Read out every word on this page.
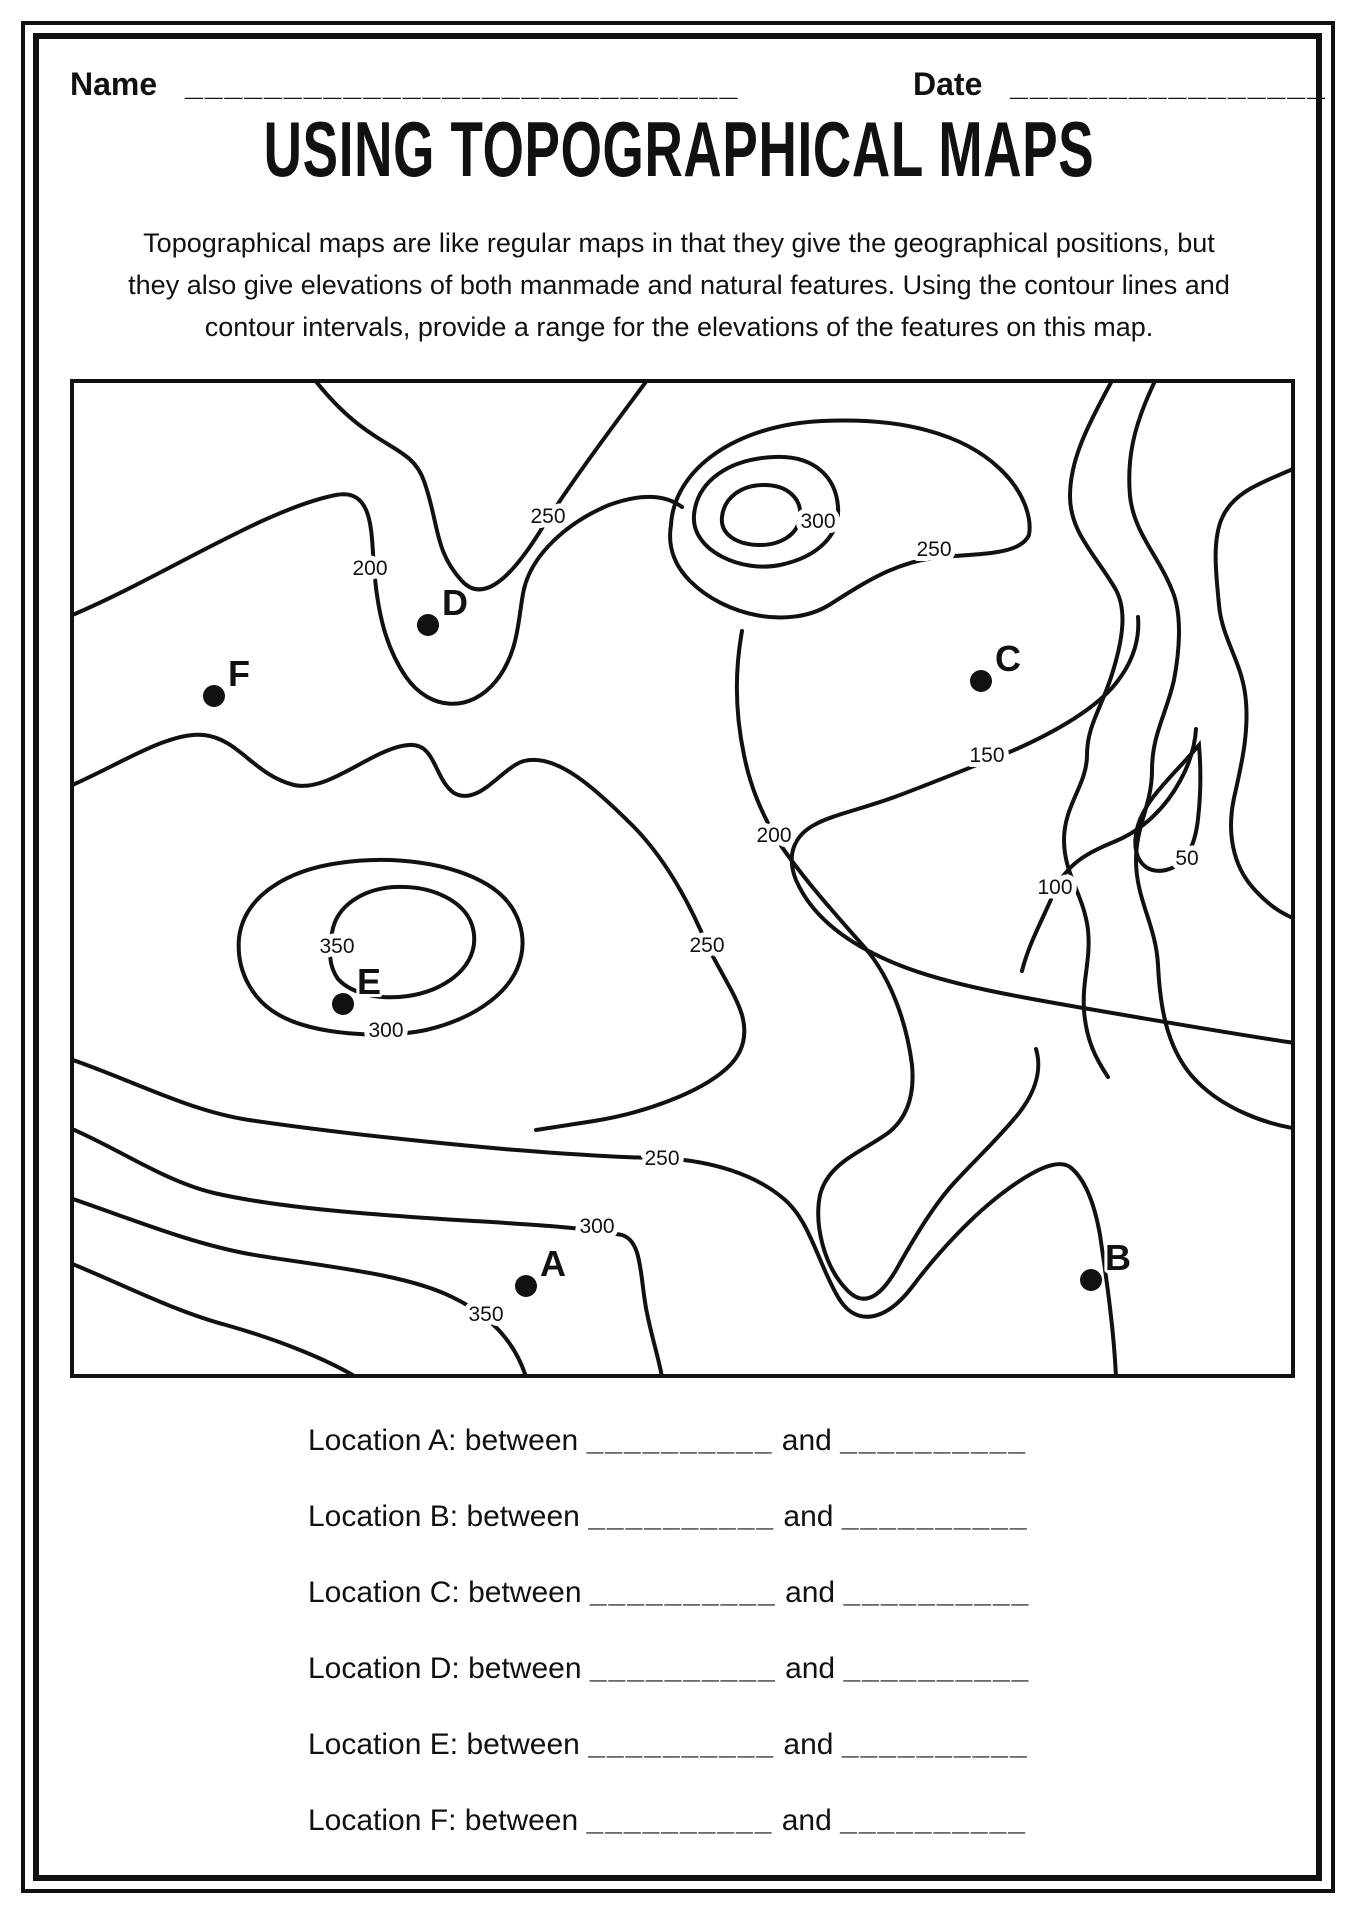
Name ____________________________	Date ________________
USING TOPOGRAPHICAL MAPS
Topographical maps are like regular maps in that they give the geographical positions, but
they also give elevations of both manmade and natural features. Using the contour lines and
contour intervals, provide a range for the elevations of the features on this map.
250
200
250
300
150
50
100
350
300
250
200
250
300
350
A	B
C
D
E
F
Location A: between __________ and __________
Location B: between __________ and __________
Location C: between __________ and __________
Location D: between __________ and __________
Location E: between __________ and __________
Location F: between __________ and __________
